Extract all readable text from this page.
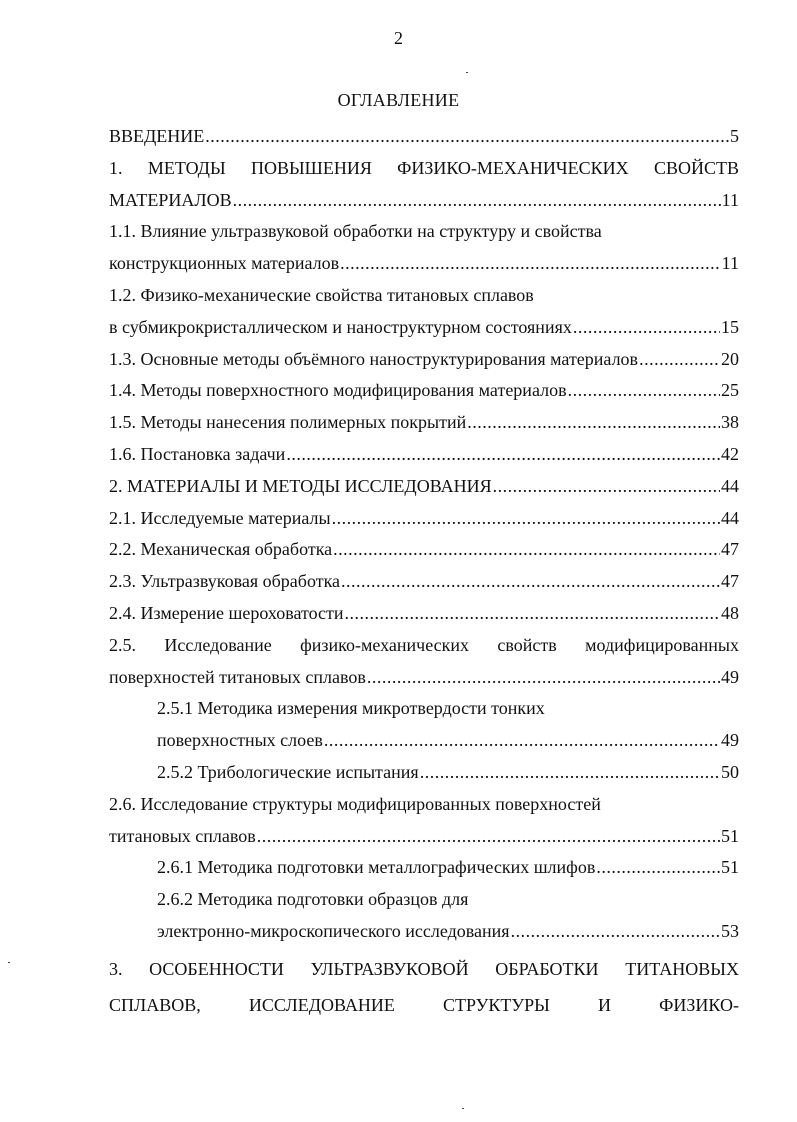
2
ОГЛАВЛЕНИЕ
ВВЕДЕНИЕ .....	5
1. МЕТОДЫ ПОВЫШЕНИЯ ФИЗИКО-МЕХАНИЧЕСКИХ СВОЙСТВ
МАТЕРИАЛОВ .....	11
1.1. Влияние ультразвуковой обработки на структуру и свойства
конструкционных материалов .....	11
1.2. Физико-механические свойства титановых сплавов
в субмикрокристаллическом и наноструктурном состояниях .....	15
1.3. Основные методы объёмного наноструктурирования материалов .....	20
1.4. Методы поверхностного модифицирования материалов .....	25
1.5. Методы нанесения полимерных покрытий .....	38
1.6. Постановка задачи .....	42
2. МАТЕРИАЛЫ И МЕТОДЫ ИССЛЕДОВАНИЯ .....	44
2.1. Исследуемые материалы .....	44
2.2. Механическая обработка .....	47
2.3. Ультразвуковая обработка .....	47
2.4. Измерение шероховатости .....	48
2.5. Исследование физико-механических свойств модифицированных
поверхностей титановых сплавов .....	49
2.5.1 Методика измерения микротвердости тонких
поверхностных слоев .....	49
2.5.2 Трибологические испытания .....	50
2.6. Исследование структуры модифицированных поверхностей
титановых сплавов .....	51
2.6.1 Методика подготовки металлографических шлифов .....	51
2.6.2 Методика подготовки образцов для
электронно-микроскопического исследования .....	53
3. ОСОБЕННОСТИ УЛЬТРАЗВУКОВОЙ ОБРАБОТКИ ТИТАНОВЫХ
СПЛАВОВ,	ИССЛЕДОВАНИЕ	СТРУКТУРЫ	И	ФИЗИКО-
